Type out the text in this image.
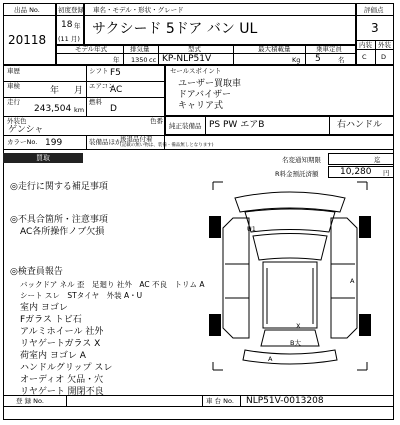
出品 No.
20118
初度登録
18 年
(11 月)
車名・モデル・形状・グレード
サクシード 5ドア バン UL
モデル年式	排気量	型式	最大積載量	乗車定員
年 1350 cc KP-NLP51V	Kg 5	名
評価点
3
内装 外装
C D
車歴	シフト F5
車検	年 月 エアコン
AC
走行
243,504 km
燃料
D
外装色	色番
ゲンシャ
カラーNo. 199
セールスポイント
ユーザー買取車
ドアバイザー
キャリア式
純正装備品 PS PW エアB	右ハンドル
装備品ほか
後退品付着
(記載の無い物は、装備・備品無しとなります)
買取	名変通知期限	迄
R料金預託済額 10,280 円
◎走行に関する補足事項
◎不具合箇所・注意事項
AC各所操作ノブ欠損
◎検査員報告
バックドア ネル 歪　足廻り 社外　AC 不良　トリム A
シート スレ　STタイヤ　外装 A・U
室内 ヨゴレ
Fガラス トビ石
アルミホイール 社外
リヤゲートガラス X
荷室内 ヨゴレ A
ハンドルグリップ スレ
オーディオ 欠品・穴
リヤゲート 開閉不良
U1
A
X
B大
A
登 録 No.	車 台 No. NLP51V-0013208
